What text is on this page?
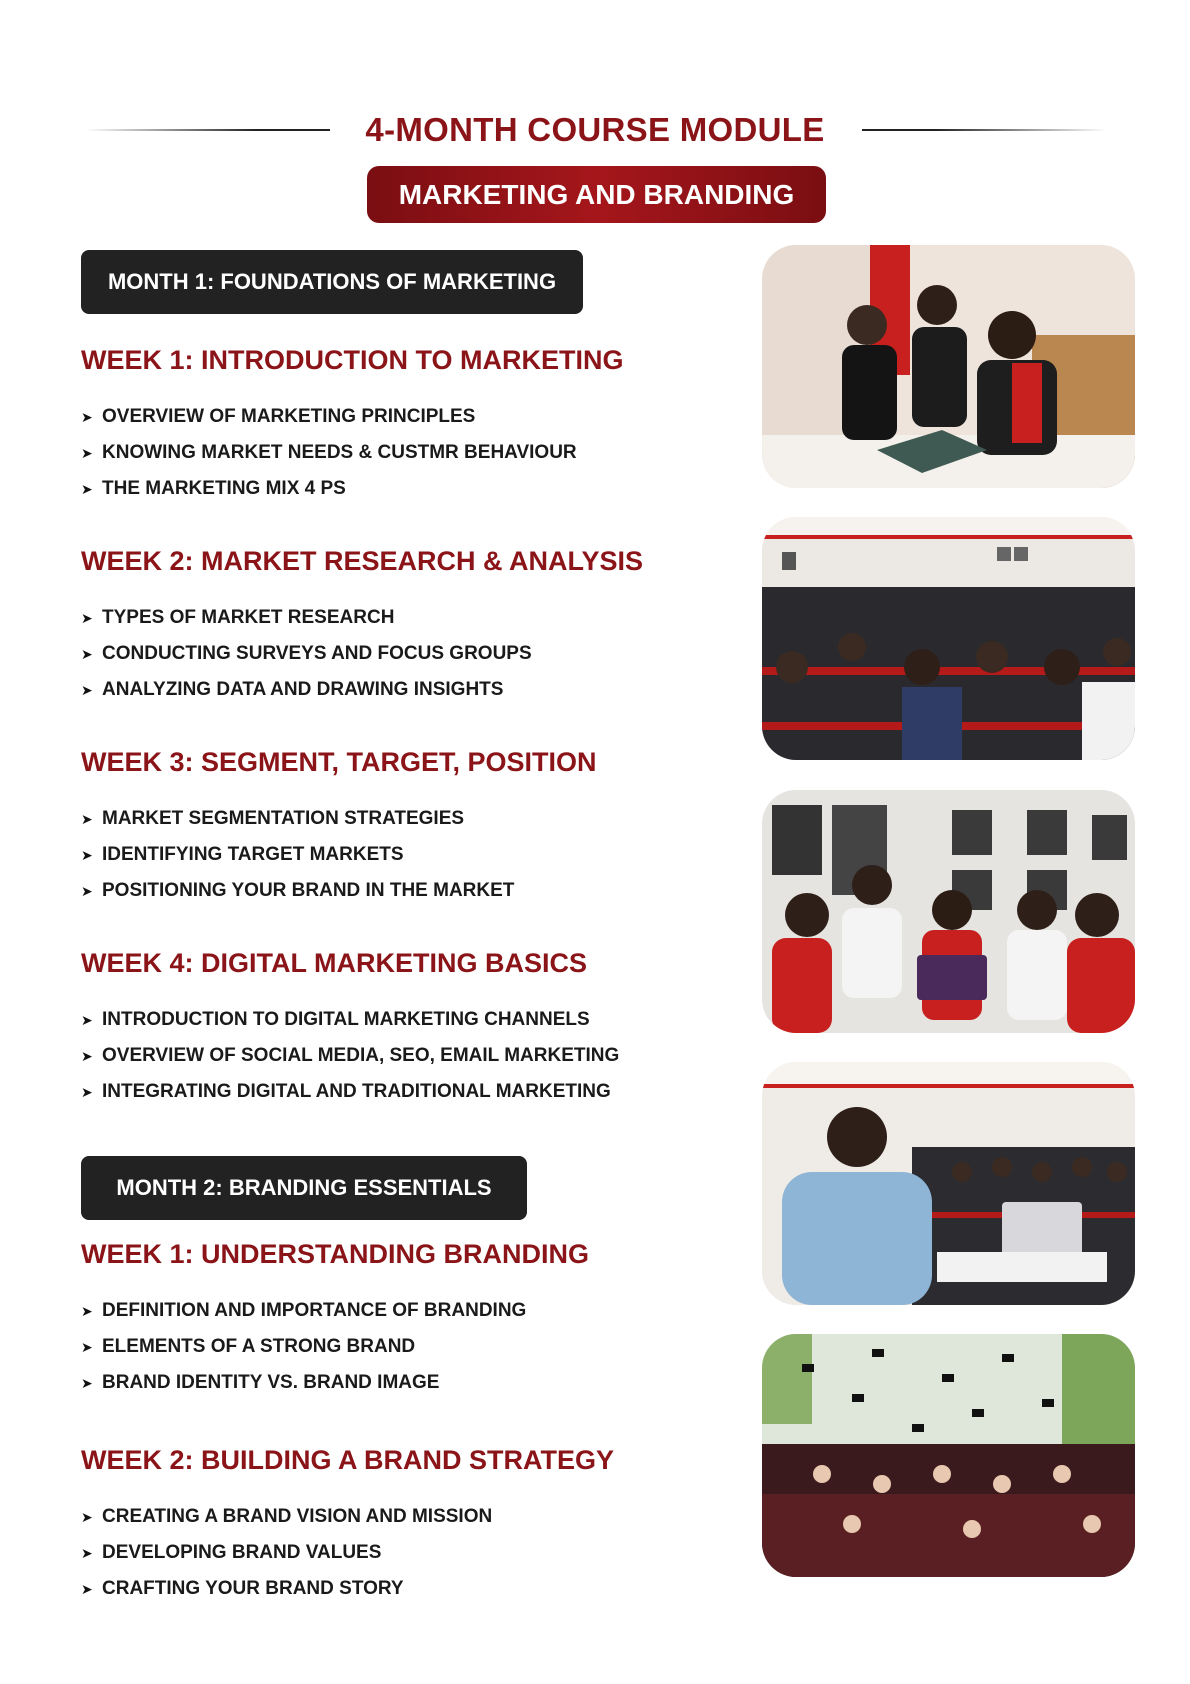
4-MONTH COURSE MODULE
MARKETING AND BRANDING
MONTH 1: FOUNDATIONS OF MARKETING
WEEK 1: INTRODUCTION TO MARKETING
➤ OVERVIEW OF MARKETING PRINCIPLES
➤ KNOWING MARKET NEEDS & CUSTMR BEHAVIOUR
➤ THE MARKETING MIX 4 PS
WEEK 2: MARKET RESEARCH & ANALYSIS
➤ TYPES OF MARKET RESEARCH
➤ CONDUCTING SURVEYS AND FOCUS GROUPS
➤ ANALYZING DATA AND DRAWING INSIGHTS
WEEK 3: SEGMENT, TARGET, POSITION
➤ MARKET SEGMENTATION STRATEGIES
➤ IDENTIFYING TARGET MARKETS
➤ POSITIONING YOUR BRAND IN THE MARKET
WEEK 4: DIGITAL MARKETING BASICS
➤ INTRODUCTION TO DIGITAL MARKETING CHANNELS
➤ OVERVIEW OF SOCIAL MEDIA, SEO, EMAIL MARKETING
➤ INTEGRATING DIGITAL AND TRADITIONAL MARKETING
MONTH 2: BRANDING ESSENTIALS
WEEK 1: UNDERSTANDING BRANDING
➤ DEFINITION AND IMPORTANCE OF BRANDING
➤ ELEMENTS OF A STRONG BRAND
➤ BRAND IDENTITY VS. BRAND IMAGE
WEEK 2: BUILDING A BRAND STRATEGY
➤ CREATING A BRAND VISION AND MISSION
➤ DEVELOPING BRAND VALUES
➤ CRAFTING YOUR BRAND STORY
